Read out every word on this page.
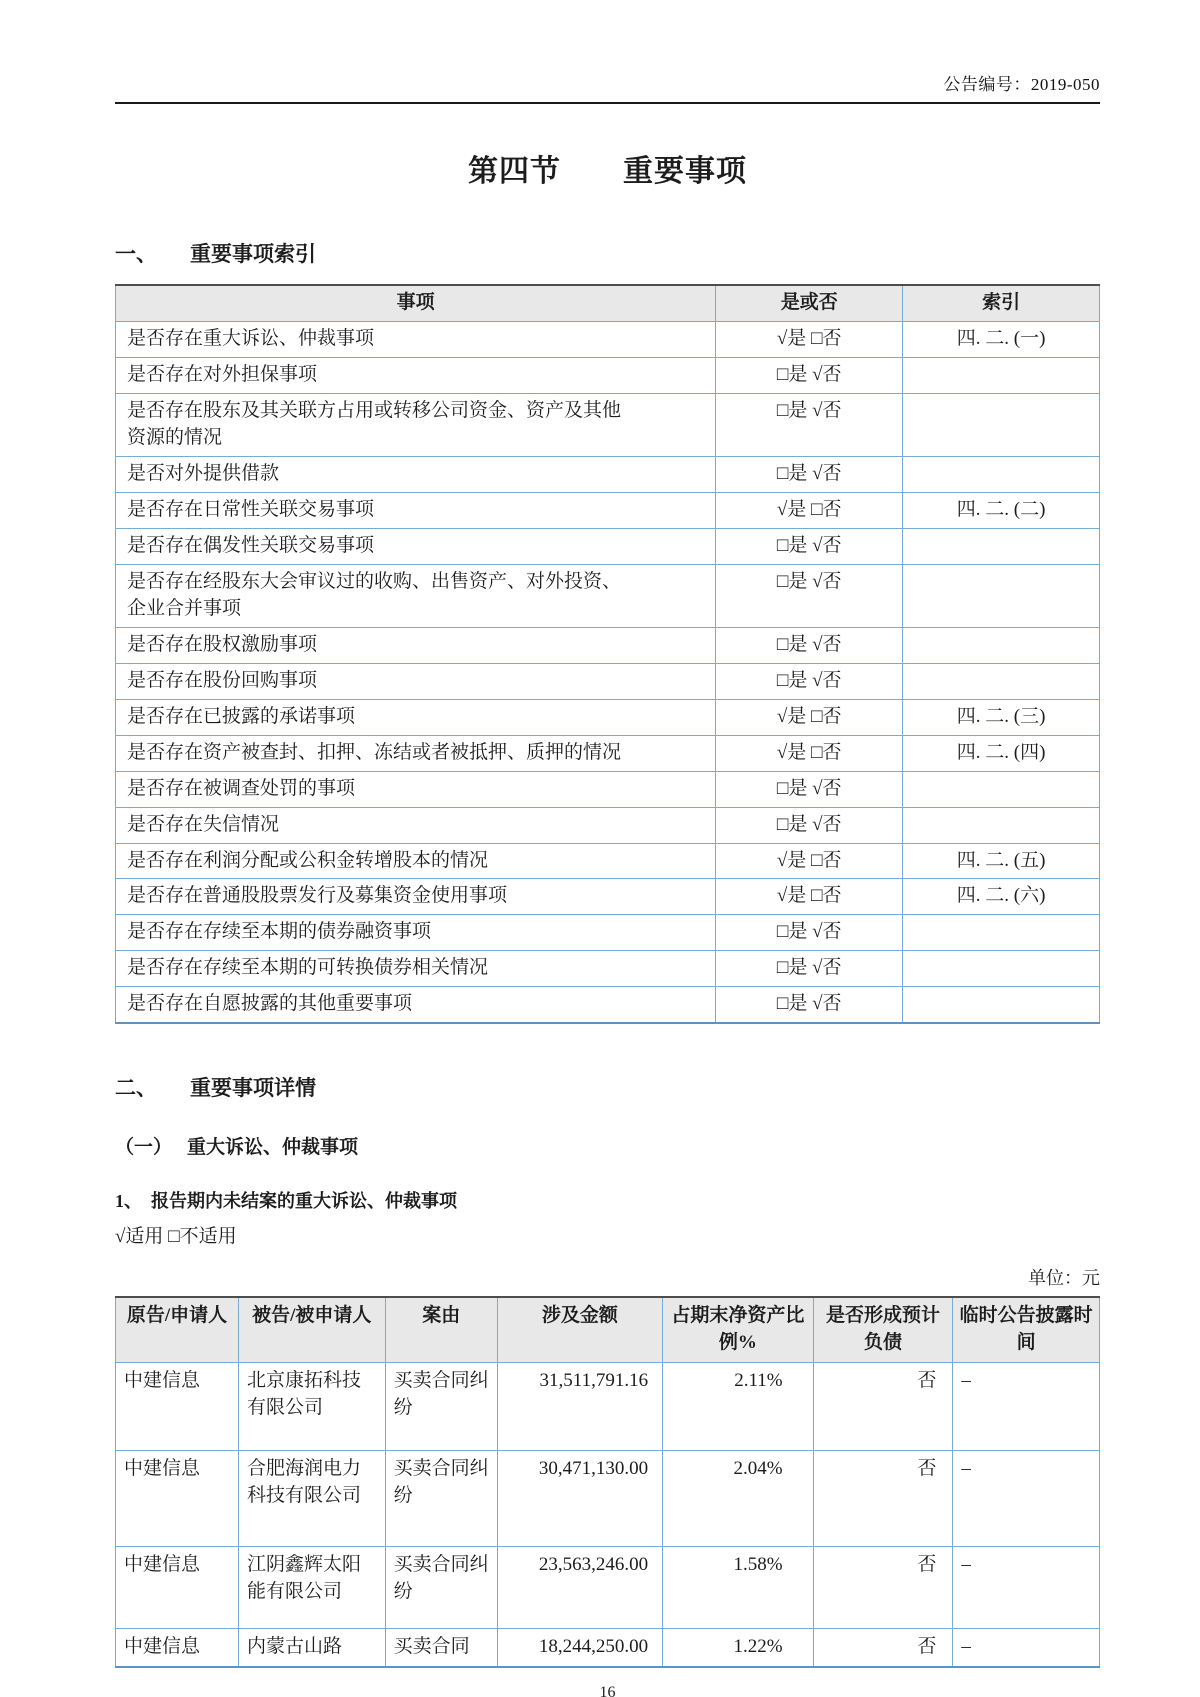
公告编号：2019-050
第四节　　重要事项
一、 重要事项索引
事项	是或否	索引
是否存在重大诉讼、仲裁事项	√是 □否	四. 二. (一)
是否存在对外担保事项	□是 √否	
是否存在股东及其关联方占用或转移公司资金、资产及其他资源的情况	□是 √否	
是否对外提供借款	□是 √否	
是否存在日常性关联交易事项	√是 □否	四. 二. (二)
是否存在偶发性关联交易事项	□是 √否	
是否存在经股东大会审议过的收购、出售资产、对外投资、企业合并事项	□是 √否	
是否存在股权激励事项	□是 √否	
是否存在股份回购事项	□是 √否	
是否存在已披露的承诺事项	√是 □否	四. 二. (三)
是否存在资产被查封、扣押、冻结或者被抵押、质押的情况	√是 □否	四. 二. (四)
是否存在被调查处罚的事项	□是 √否	
是否存在失信情况	□是 √否	
是否存在利润分配或公积金转增股本的情况	√是 □否	四. 二. (五)
是否存在普通股股票发行及募集资金使用事项	√是 □否	四. 二. (六)
是否存在存续至本期的债券融资事项	□是 √否	
是否存在存续至本期的可转换债券相关情况	□是 √否	
是否存在自愿披露的其他重要事项	□是 √否	
二、 重要事项详情
（一） 重大诉讼、仲裁事项
1、 报告期内未结案的重大诉讼、仲裁事项
√适用 □不适用
单位：元
原告/申请人	被告/被申请人	案由	涉及金额	占期末净资产比例%	是否形成预计负债	临时公告披露时间
中建信息	北京康拓科技有限公司	买卖合同纠纷	31,511,791.16	2.11%	否	–
中建信息	合肥海润电力科技有限公司	买卖合同纠纷	30,471,130.00	2.04%	否	–
中建信息	江阴鑫辉太阳能有限公司	买卖合同纠纷	23,563,246.00	1.58%	否	–
中建信息	内蒙古山路	买卖合同	18,244,250.00	1.22%	否	–
16
